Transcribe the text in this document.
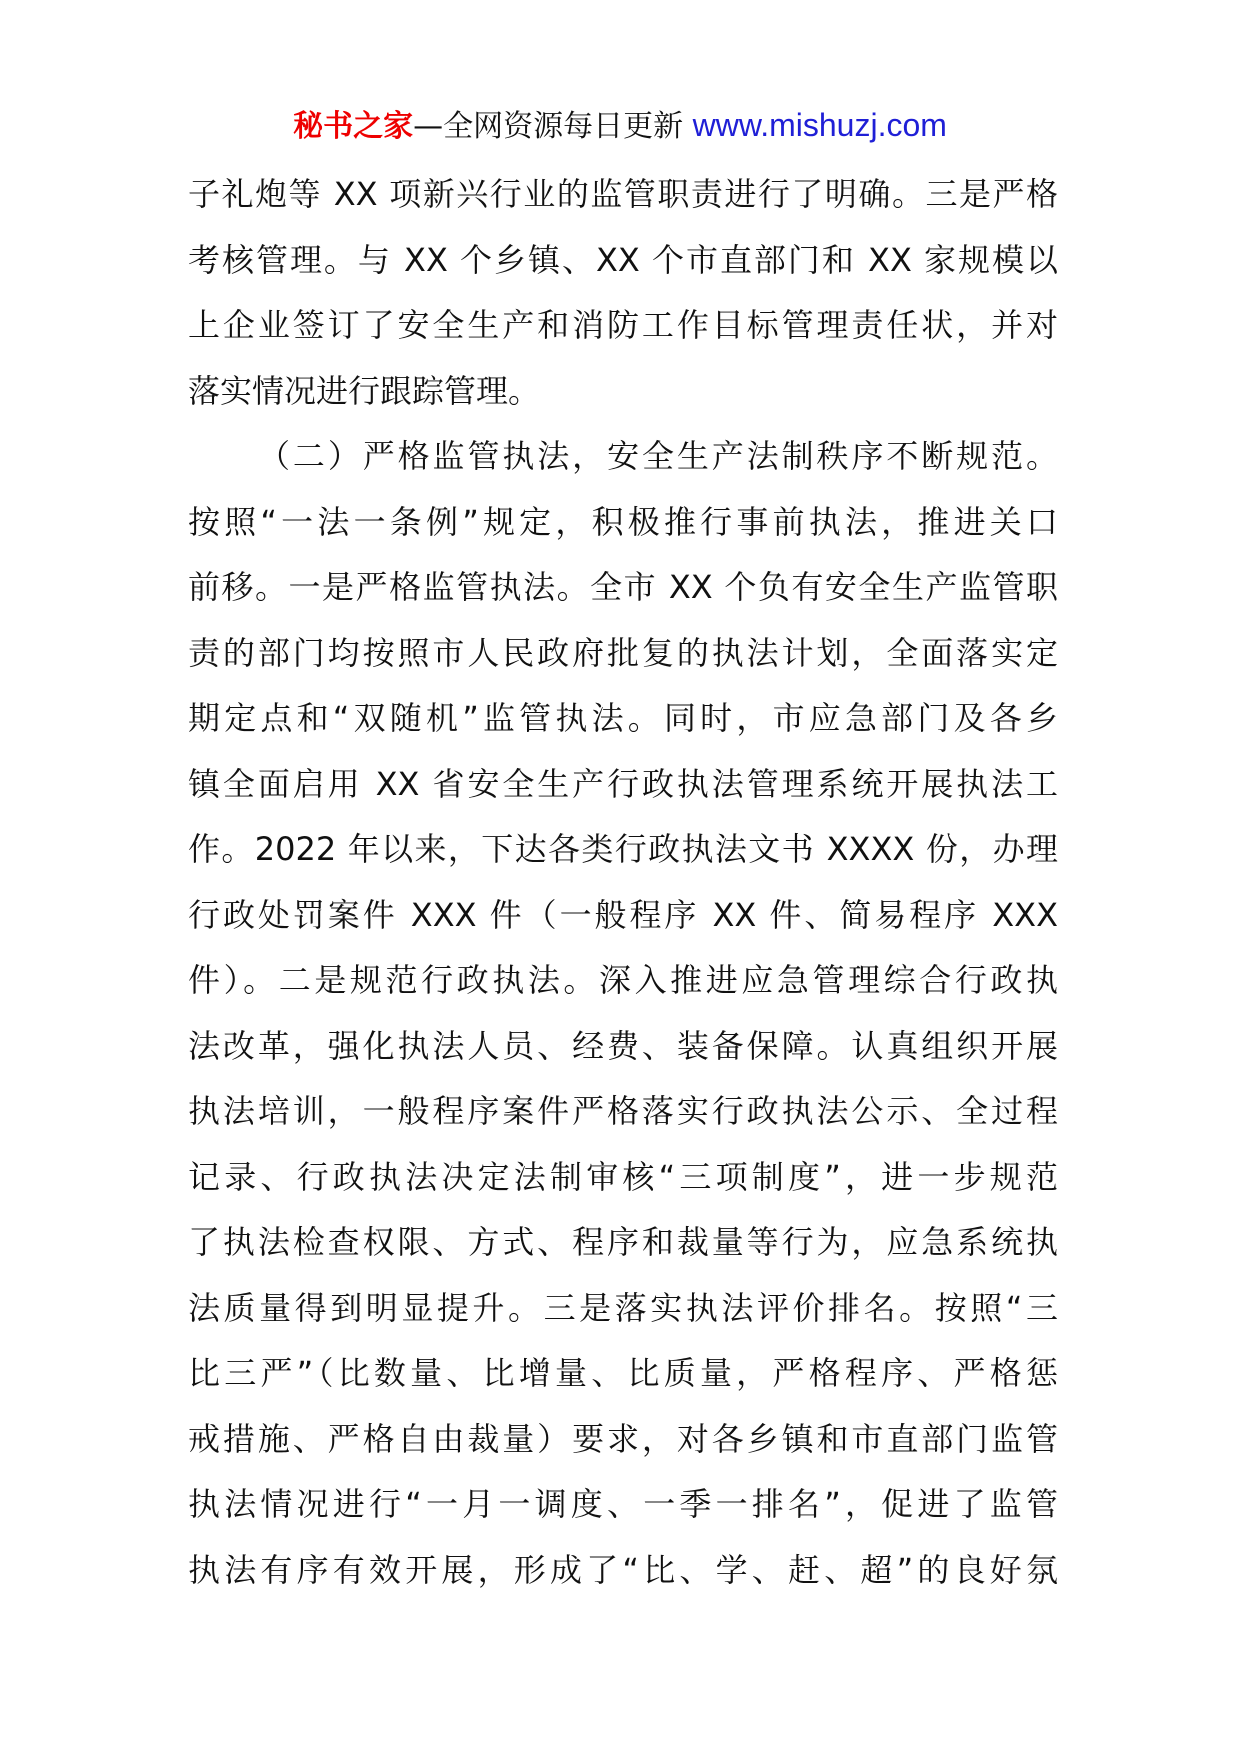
秘书之家—全网资源每日更新 www.mishuzj.com
子礼炮等 XX 项新兴行业的监管职责进行了明确。三是严格
考核管理。与 XX 个乡镇、XX 个市直部门和 XX 家规模以
上企业签订了安全生产和消防工作目标管理责任状，并对
落实情况进行跟踪管理。
（二）严格监管执法，安全生产法制秩序不断规范。
按照“一法一条例”规定，积极推行事前执法，推进关口
前移。一是严格监管执法。全市 XX 个负有安全生产监管职
责的部门均按照市人民政府批复的执法计划，全面落实定
期定点和“双随机”监管执法。同时，市应急部门及各乡
镇全面启用 XX 省安全生产行政执法管理系统开展执法工
作。2022 年以来，下达各类行政执法文书 XXXX 份，办理
行政处罚案件 XXX 件（一般程序 XX 件、简易程序 XXX
件）。二是规范行政执法。深入推进应急管理综合行政执
法改革，强化执法人员、经费、装备保障。认真组织开展
执法培训，一般程序案件严格落实行政执法公示、全过程
记录、行政执法决定法制审核“三项制度”，进一步规范
了执法检查权限、方式、程序和裁量等行为，应急系统执
法质量得到明显提升。三是落实执法评价排名。按照“三
比三严”（比数量、比增量、比质量，严格程序、严格惩
戒措施、严格自由裁量）要求，对各乡镇和市直部门监管
执法情况进行“一月一调度、一季一排名”，促进了监管
执法有序有效开展，形成了“比、学、赶、超”的良好氛
